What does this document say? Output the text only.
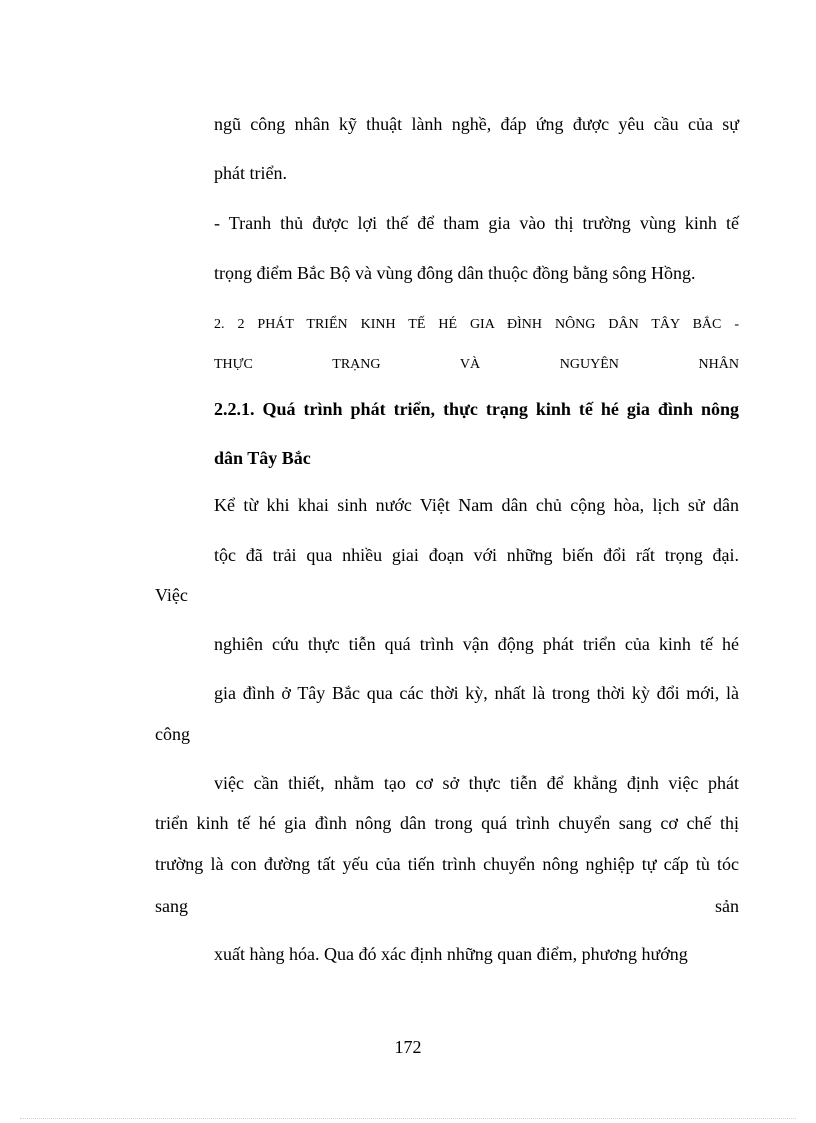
ngũ công nhân kỹ thuật lành nghề, đáp ứng được yêu cầu của sự
phát triển.
- Tranh thủ được lợi thế để tham gia vào thị trường vùng kinh tế
trọng điểm Bắc Bộ và vùng đông dân thuộc đồng bằng sông Hồng.
2. 2 PHÁT TRIỂN KINH TẾ HÉ GIA ĐÌNH NÔNG DÂN TÂY BẮC -
THỰC TRẠNG VÀ NGUYÊN NHÂN
2.2.1. Quá trình phát triển, thực trạng kinh tế hé gia đình nông
dân Tây Bắc
Kể từ khi khai sinh nước Việt Nam dân chủ cộng hòa, lịch sử dân
tộc đã trải qua nhiều giai đoạn với những biến đổi rất trọng đại.
Việc
nghiên cứu thực tiễn quá trình vận động phát triển của kinh tế hé
gia đình ở Tây Bắc qua các thời kỳ, nhất là trong thời kỳ đổi mới, là
công
việc cần thiết, nhằm tạo cơ sở thực tiễn để khẳng định việc phát
triển kinh tế hé gia đình nông dân trong quá trình chuyển sang cơ chế thị
trường là con đường tất yếu của tiến trình chuyển nông nghiệp tự cấp tù tóc
sang sản
xuất hàng hóa. Qua đó xác định những quan điểm, phương hướng
172
